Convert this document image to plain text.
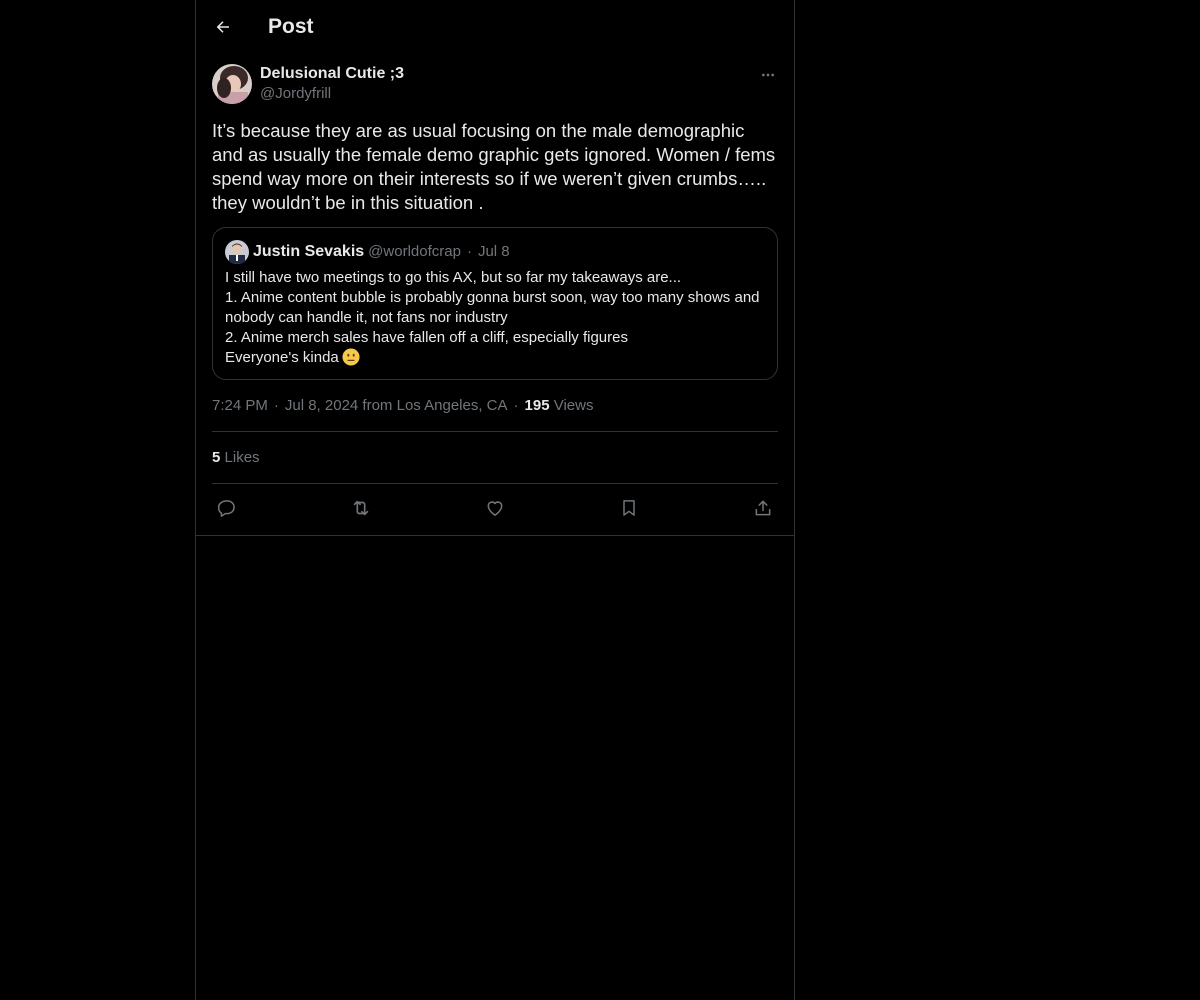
Post
Delusional Cutie ;3
@Jordyfrill
It’s because they are as usual focusing on the male demographic and as usually the female demo graphic gets ignored. Women / fems spend way more on their interests so if we weren’t given crumbs….. they wouldn’t be in this situation .
Justin Sevakis @worldofcrap · Jul 8
I still have two meetings to go this AX, but so far my takeaways are...
1. Anime content bubble is probably gonna burst soon, way too many shows and nobody can handle it, not fans nor industry
2. Anime merch sales have fallen off a cliff, especially figures
Everyone's kinda
7:24 PM · Jul 8, 2024 from Los Angeles, CA · 195 Views
5 Likes
